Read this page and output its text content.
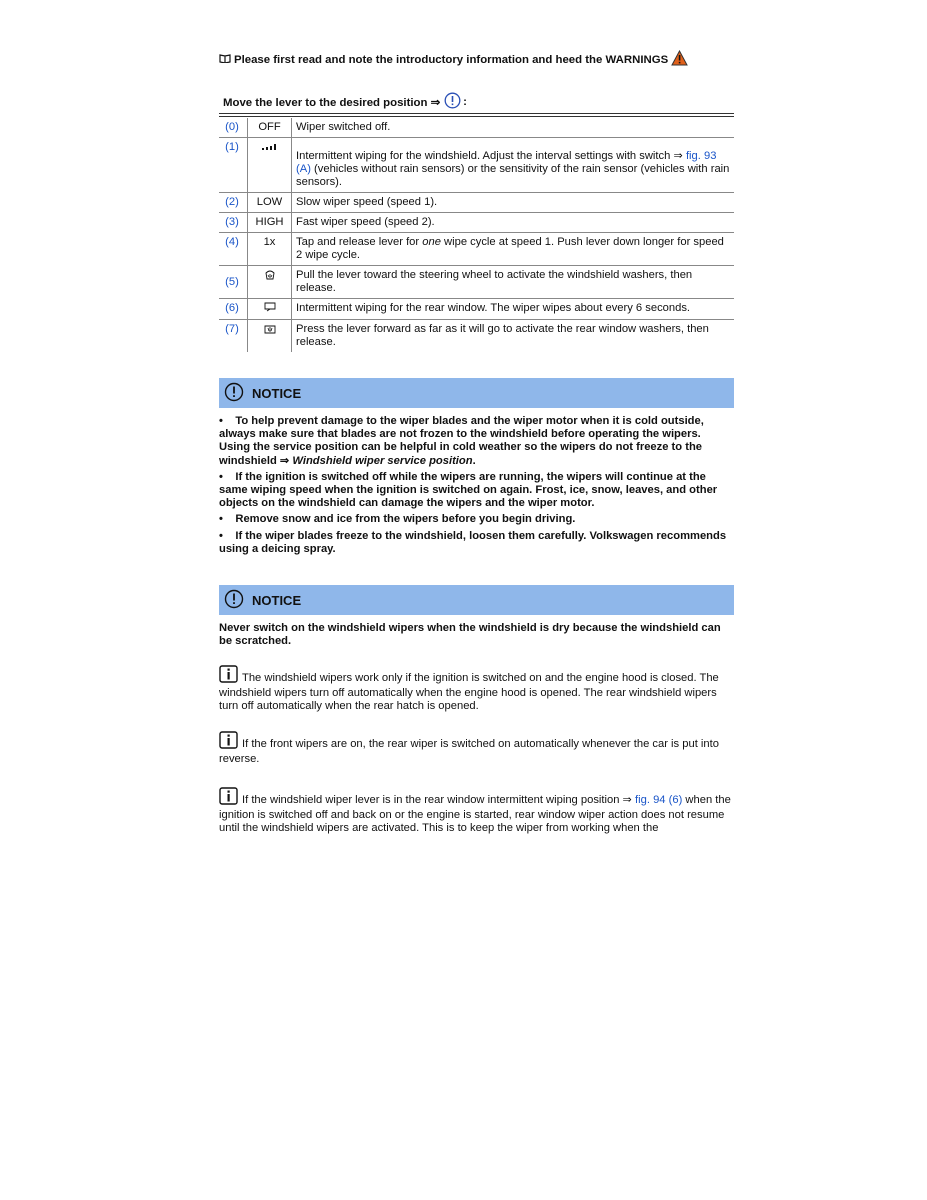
Please first read and note the introductory information and heed the WARNINGS
Move the lever to the desired position ⇒ :
(0)	OFF	Wiper switched off.
(1)		Intermittent wiping for the windshield. Adjust the interval settings with switch ⇒ fig. 93 (A) (vehicles without rain sensors) or the sensitivity of the rain sensor (vehicles with rain sensors).
(2)	LOW	Slow wiper speed (speed 1).
(3)	HIGH	Fast wiper speed (speed 2).
(4)	1x	Tap and release lever for one wipe cycle at speed 1. Push lever down longer for speed 2 wipe cycle.
(5)		Pull the lever toward the steering wheel to activate the windshield washers, then release.
(6)		Intermittent wiping for the rear window. The wiper wipes about every 6 seconds.
(7)		Press the lever forward as far as it will go to activate the rear window washers, then release.
NOTICE

•    To help prevent damage to the wiper blades and the wiper motor when it is cold outside, always make sure that blades are not frozen to the windshield before operating the wipers. Using the service position can be helpful in cold weather so the wipers do not freeze to the windshield ⇒ Windshield wiper service position.

•    If the ignition is switched off while the wipers are running, the wipers will continue at the same wiping speed when the ignition is switched on again. Frost, ice, snow, leaves, and other objects on the windshield can damage the wipers and the wiper motor.

•    Remove snow and ice from the wipers before you begin driving.

•    If the wiper blades freeze to the windshield, loosen them carefully. Volkswagen recommends using a deicing spray.

NOTICE

Never switch on the windshield wipers when the windshield is dry because the windshield can be scratched.

The windshield wipers work only if the ignition is switched on and the engine hood is closed. The windshield wipers turn off automatically when the engine hood is opened. The rear windshield wipers turn off automatically when the rear hatch is opened.
If the front wipers are on, the rear wiper is switched on automatically whenever the car is put into reverse.
If the windshield wiper lever is in the rear window intermittent wiping position ⇒ fig. 94 (6) when the ignition is switched off and back on or the engine is started, rear window wiper action does not resume until the windshield wipers are activated. This is to keep the wiper from working when the
